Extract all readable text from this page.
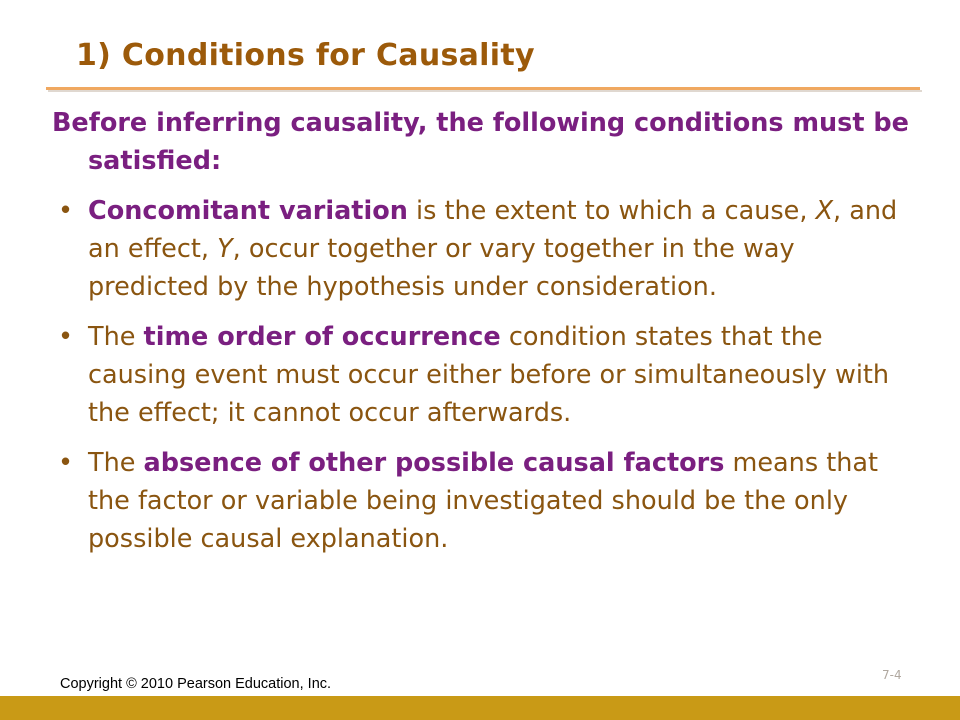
1) Conditions for Causality

Before inferring causality, the following conditions must be satisfied:

• Concomitant variation is the extent to which a cause, X, and an effect, Y, occur together or vary together in the way predicted by the hypothesis under consideration.
• The time order of occurrence condition states that the causing event must occur either before or simultaneously with the effect; it cannot occur afterwards.
• The absence of other possible causal factors means that the factor or variable being investigated should be the only possible causal explanation.
7-4
Copyright © 2010 Pearson Education, Inc.
